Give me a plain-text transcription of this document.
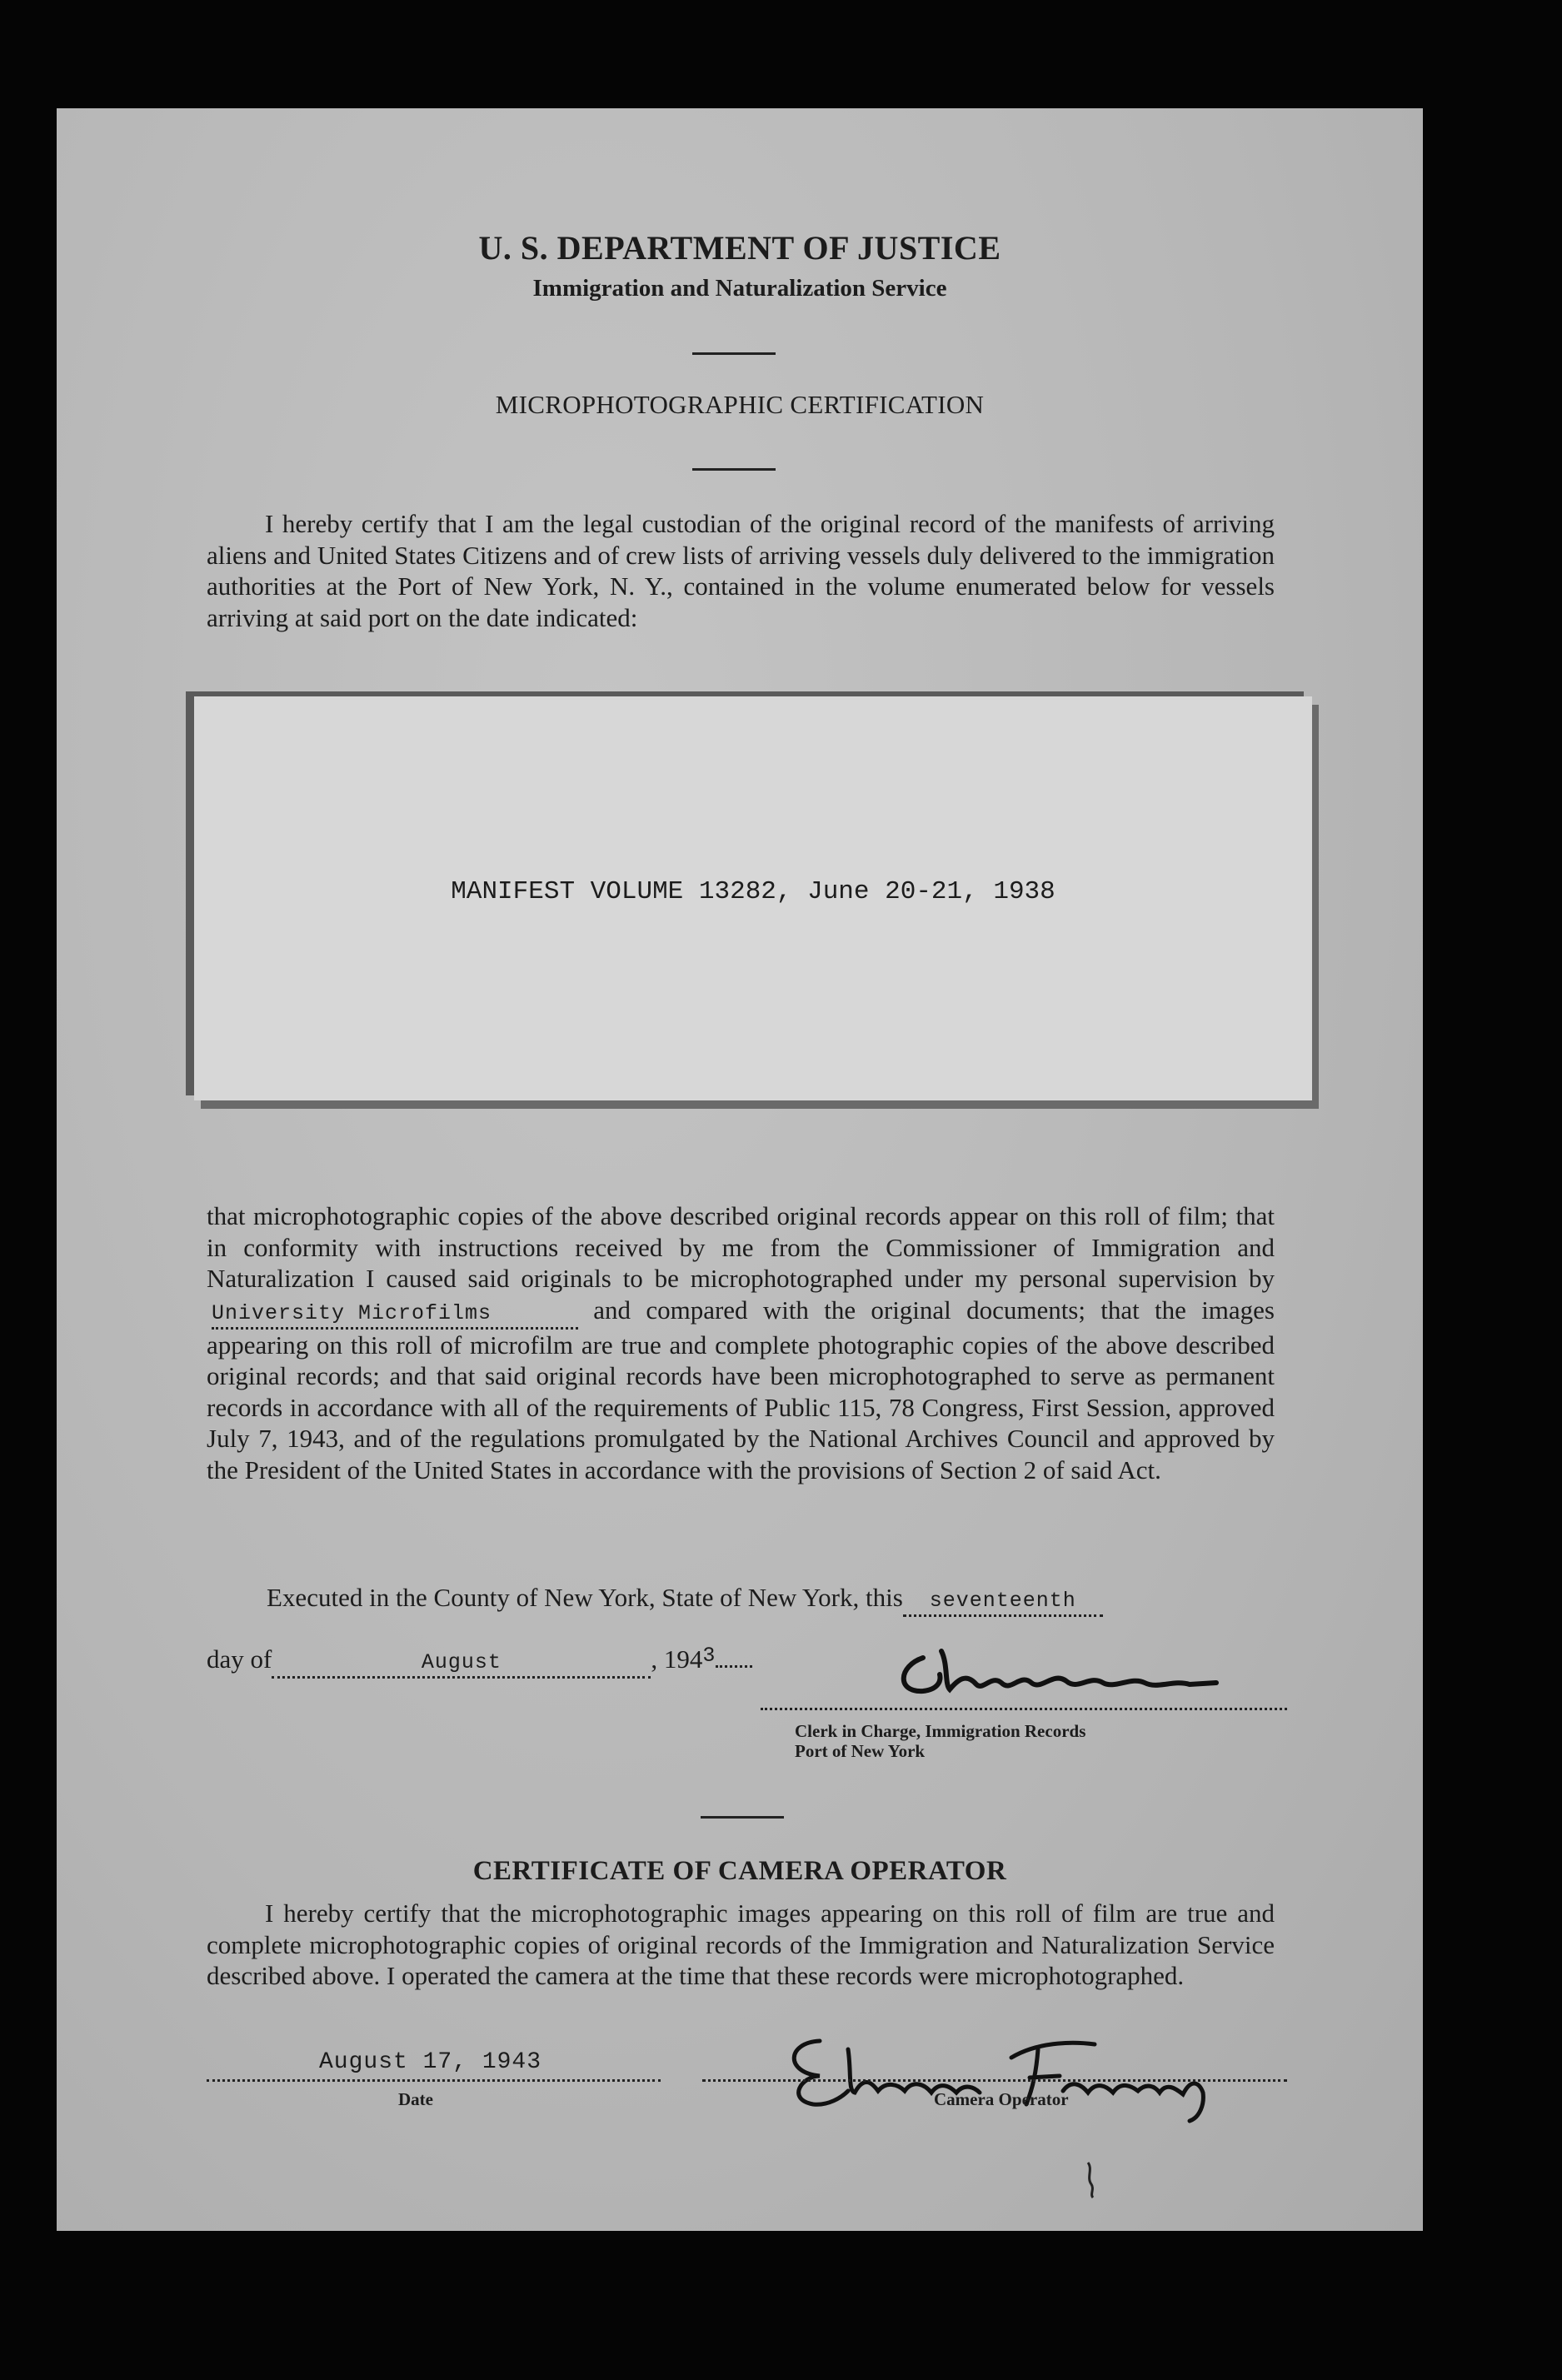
U. S. DEPARTMENT OF JUSTICE
Immigration and Naturalization Service
MICROPHOTOGRAPHIC CERTIFICATION

I hereby certify that I am the legal custodian of the original record of the manifests of arriving aliens and United States Citizens and of crew lists of arriving vessels duly delivered to the immigration authorities at the Port of New York, N. Y., contained in the volume enumerated below for vessels arriving at said port on the date indicated:

MANIFEST VOLUME 13282, June 20-21, 1938

that microphotographic copies of the above described original records appear on this roll of film; that in conformity with instructions received by me from the Commissioner of Immigration and Naturalization I caused said originals to be microphotographed under my personal supervision byUniversity Microfilms	and compared with the original documents; that the images appearing on this roll of microfilm are true and complete photographic copies of the above described original records; and that said original records have been microphotographed to serve as permanent records in accordance with all of the requirements of Public 115, 78 Congress, First Session, approved July 7, 1943, and of the regulations promulgated by the National Archives Council and approved by the President of the United States in accordance with the provisions of Section 2 of said Act.

Executed in the County of New York, State of New York, this seventeenth
day of	August	, $194^3$
Clerk in Charge, Immigration Records
Port of New York
CERTIFICATE OF CAMERA OPERATOR

I hereby certify that the microphotographic images appearing on this roll of film are true and complete microphotographic copies of original records of the Immigration and Naturalization Service described above. I operated the camera at the time that these records were microphotographed.

August 17, 1943
Date	Camera Operator
